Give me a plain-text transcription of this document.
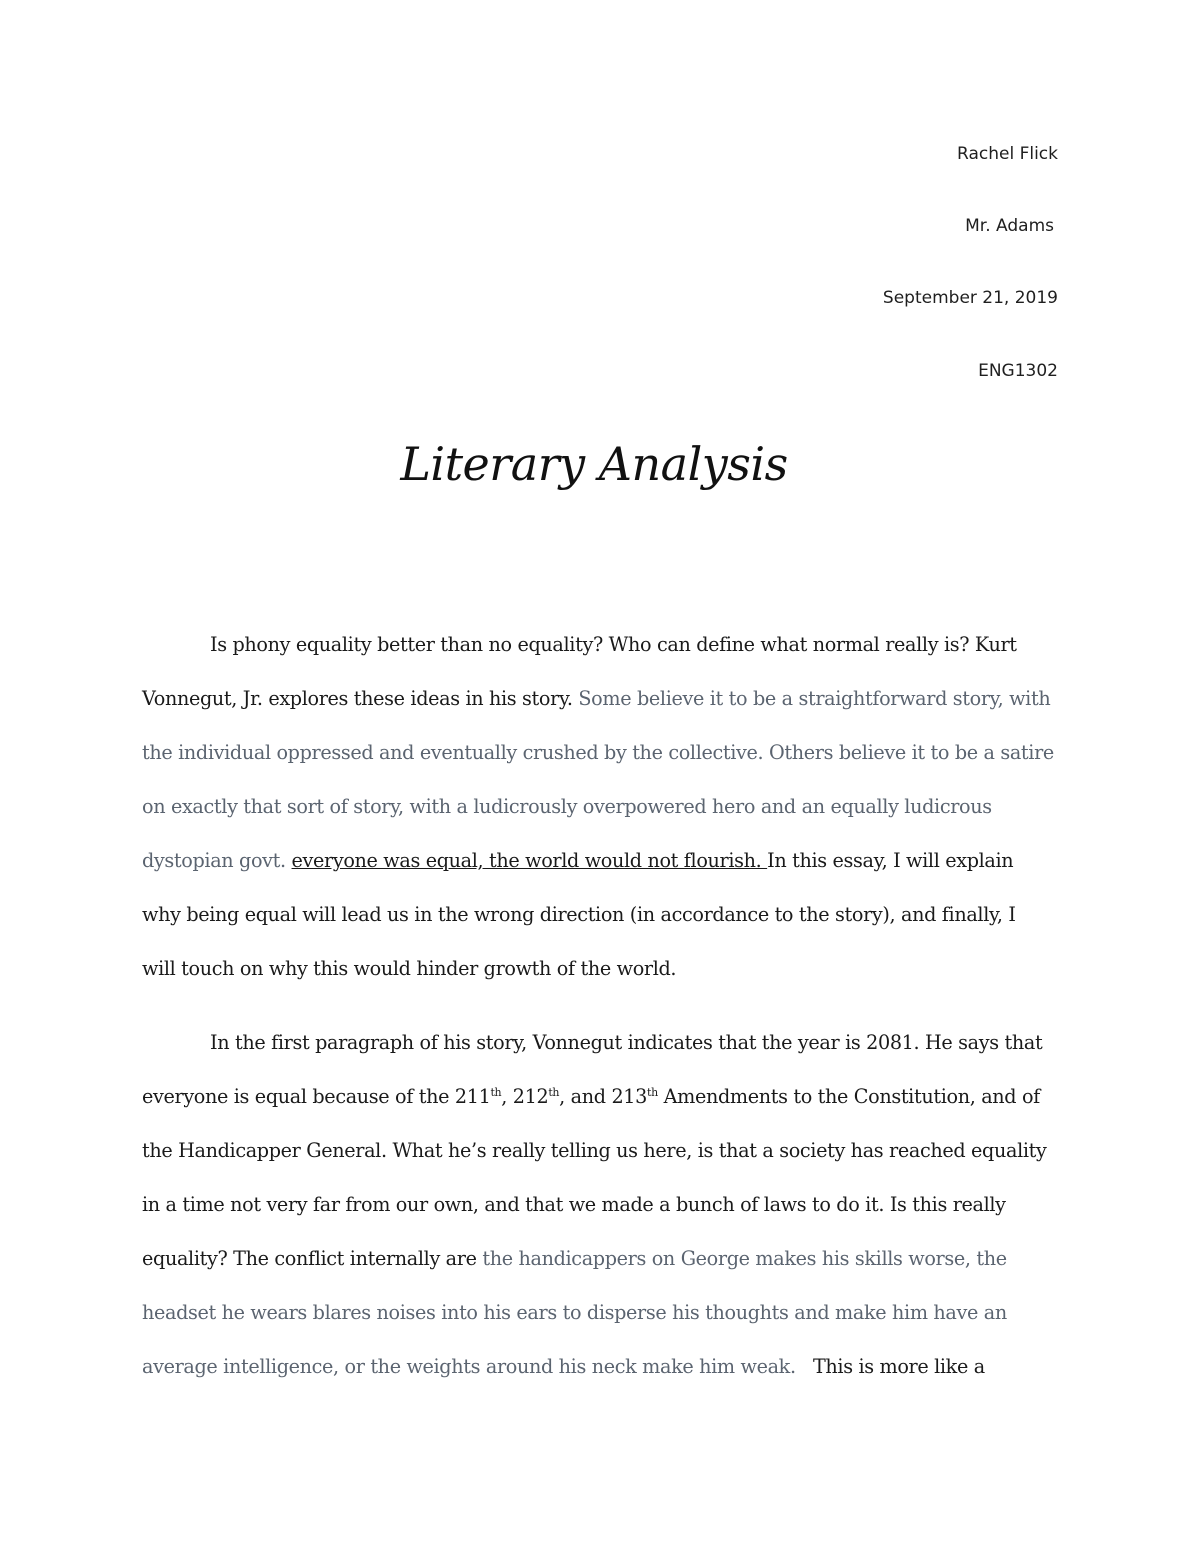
Rachel Flick
Mr. Adams
September 21, 2019
ENG1302
Literary Analysis
Is phony equality better than no equality? Who can define what normal really is? Kurt
Vonnegut, Jr. explores these ideas in his story. Some believe it to be a straightforward story, with
the individual oppressed and eventually crushed by the collective. Others believe it to be a satire
on exactly that sort of story, with a ludicrously overpowered hero and an equally ludicrous
dystopian govt. everyone was equal, the world would not flourish. In this essay, I will explain
why being equal will lead us in the wrong direction (in accordance to the story), and finally, I
will touch on why this would hinder growth of the world.
In the first paragraph of his story, Vonnegut indicates that the year is 2081. He says that
everyone is equal because of the 211th, 212th, and 213th Amendments to the Constitution, and of
the Handicapper General. What he’s really telling us here, is that a society has reached equality
in a time not very far from our own, and that we made a bunch of laws to do it. Is this really
equality? The conflict internally are the handicappers on George makes his skills worse, the
headset he wears blares noises into his ears to disperse his thoughts and make him have an
average intelligence, or the weights around his neck make him weak.   This is more like a
